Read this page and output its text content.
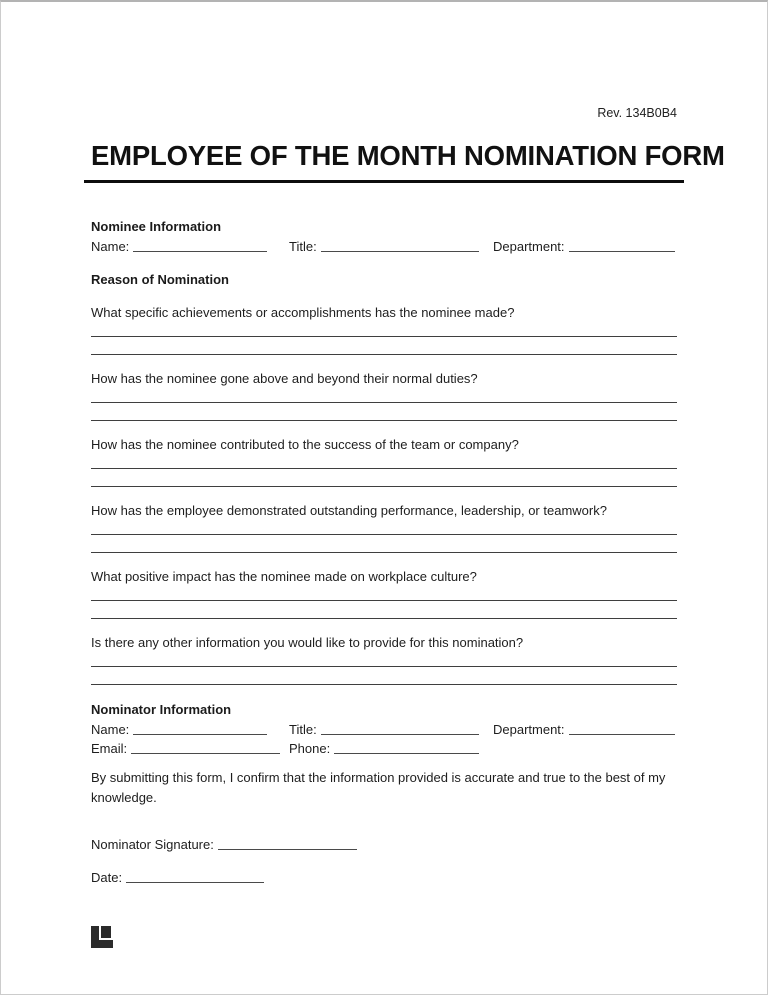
Rev. 134B0B4
EMPLOYEE OF THE MONTH NOMINATION FORM
Nominee Information
Name:	Title:	Department:
Reason of Nomination

What specific achievements or accomplishments has the nominee made?

How has the nominee gone above and beyond their normal duties?

How has the nominee contributed to the success of the team or company?

How has the employee demonstrated outstanding performance, leadership, or teamwork?

What positive impact has the nominee made on workplace culture?

Is there any other information you would like to provide for this nomination?

Nominator Information
Name:	Title:	Department:
Email:	Phone:

By submitting this form, I confirm that the information provided is accurate and true to the best of my knowledge.

Nominator Signature:
Date:
